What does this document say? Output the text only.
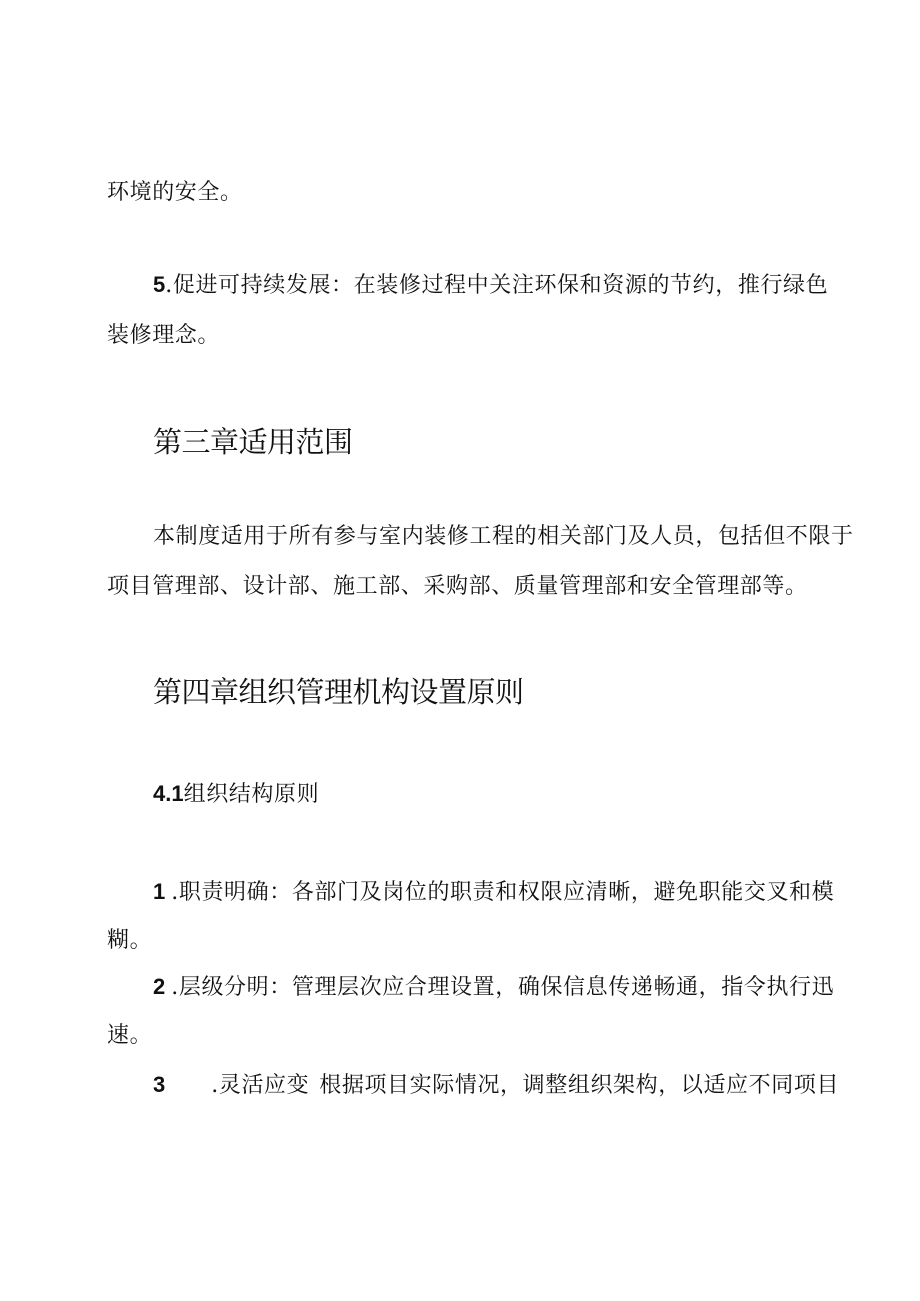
环境的安全。
5.促进可持续发展：在装修过程中关注环保和资源的节约，推行绿色
装修理念。
第三章适用范围
本制度适用于所有参与室内装修工程的相关部门及人员，包括但不限于
项目管理部、设计部、施工部、采购部、质量管理部和安全管理部等。
第四章组织管理机构设置原则
4.1组织结构原则
1 .职责明确：各部门及岗位的职责和权限应清晰，避免职能交叉和模
糊。
2 .层级分明：管理层次应合理设置，确保信息传递畅通，指令执行迅
速。
3 .灵活应变 根据项目实际情况，调整组织架构，以适应不同项目
